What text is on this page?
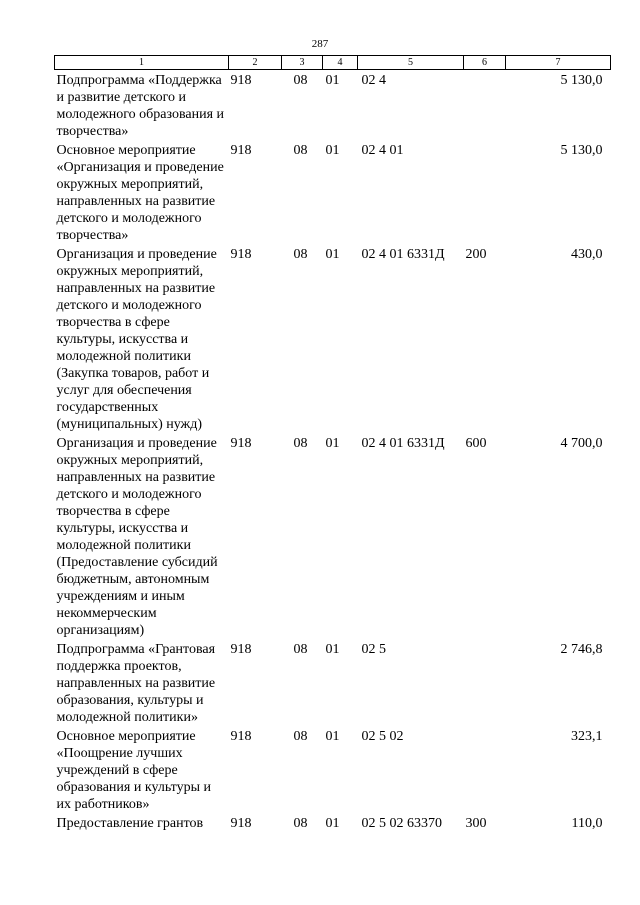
287
1	2	3	4	5	6	7
Подпрограмма «Поддержка и развитие детского и молодежного образования и творчества»	918	08	01	02 4		5 130,0
Основное мероприятие «Организация и проведение окружных мероприятий, направленных на развитие детского и молодежного творчества»	918	08	01	02 4 01		5 130,0
Организация и проведение окружных мероприятий, направленных на развитие детского и молодежного творчества в сфере культуры, искусства и молодежной политики (Закупка товаров, работ и услуг для обеспечения государственных (муниципальных) нужд)	918	08	01	02 4 01 6331Д	200	430,0
Организация и проведение окружных мероприятий, направленных на развитие детского и молодежного творчества в сфере культуры, искусства и молодежной политики (Предоставление субсидий бюджетным, автономным учреждениям и иным некоммерческим организациям)	918	08	01	02 4 01 6331Д	600	4 700,0
Подпрограмма «Грантовая поддержка проектов, направленных на развитие образования, культуры и молодежной политики»	918	08	01	02 5		2 746,8
Основное мероприятие «Поощрение лучших учреждений в сфере образования и культуры и их работников»	918	08	01	02 5 02		323,1
Предоставление грантов	918	08	01	02 5 02 63370	300	110,0
